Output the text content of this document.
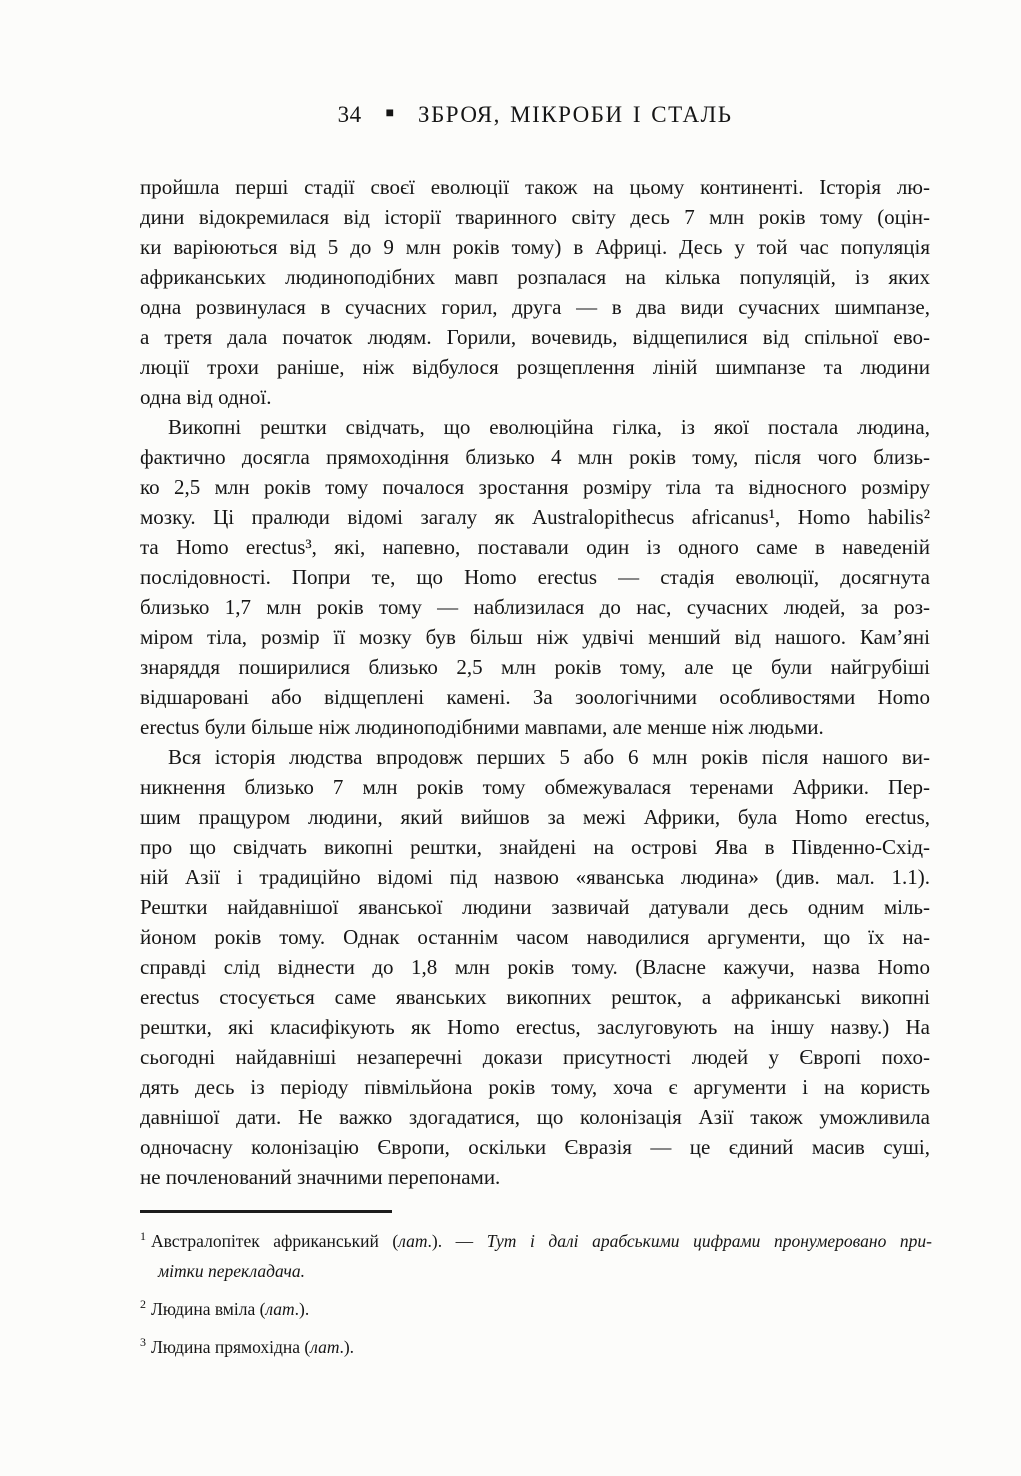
34 ■ ЗБРОЯ, МІКРОБИ І СТАЛЬ
пройшла перші стадії своєї еволюції також на цьому континенті. Історія лю-
дини відокремилася від історії тваринного світу десь 7 млн років тому (оцін-
ки варіюються від 5 до 9 млн років тому) в Африці. Десь у той час популяція
африканських людиноподібних мавп розпалася на кілька популяцій, із яких
одна розвинулася в сучасних горил, друга — в два види сучасних шимпанзе,
а третя дала початок людям. Горили, вочевидь, відщепилися від спільної ево-
люції трохи раніше, ніж відбулося розщеплення ліній шимпанзе та людини
одна від одної.
Викопні рештки свідчать, що еволюційна гілка, із якої постала людина,
фактично досягла прямоходіння близько 4 млн років тому, після чого близь-
ко 2,5 млн років тому почалося зростання розміру тіла та відносного розміру
мозку. Ці пралюди відомі загалу як Australopithecus africanus¹, Homo habilis²
та Homo erectus³, які, напевно, поставали один із одного саме в наведеній
послідовності. Попри те, що Homo erectus — стадія еволюції, досягнута
близько 1,7 млн років тому — наблизилася до нас, сучасних людей, за роз-
міром тіла, розмір її мозку був більш ніж удвічі менший від нашого. Кам’яні
знаряддя поширилися близько 2,5 млн років тому, але це були найгрубіші
відшаровані або відщеплені камені. За зоологічними особливостями Homo
erectus були більше ніж людиноподібними мавпами, але менше ніж людьми.
Вся історія людства впродовж перших 5 або 6 млн років після нашого ви-
никнення близько 7 млн років тому обмежувалася теренами Африки. Пер-
шим пращуром людини, який вийшов за межі Африки, була Homo erectus,
про що свідчать викопні рештки, знайдені на острові Ява в Південно-Схід-
ній Азії і традиційно відомі під назвою «яванська людина» (див. мал. 1.1).
Рештки найдавнішої яванської людини зазвичай датували десь одним міль-
йоном років тому. Однак останнім часом наводилися аргументи, що їх на-
справді слід віднести до 1,8 млн років тому. (Власне кажучи, назва Homo
erectus стосується саме яванських викопних решток, а африканські викопні
рештки, які класифікують як Homo erectus, заслуговують на іншу назву.) На
сьогодні найдавніші незаперечні докази присутності людей у Європі похо-
дять десь із періоду півмільйона років тому, хоча є аргументи і на користь
давнішої дати. Не важко здогадатися, що колонізація Азії також уможливила
одночасну колонізацію Європи, оскільки Євразія — це єдиний масив суші,
не почленований значними перепонами.
$^1$ Австралопітек африканський (лат.). — Тут і далі арабськими цифрами пронумеровано при-
мітки перекладача.
$^2$ Людина вміла (лат.).
$^3$ Людина прямохідна (лат.).
